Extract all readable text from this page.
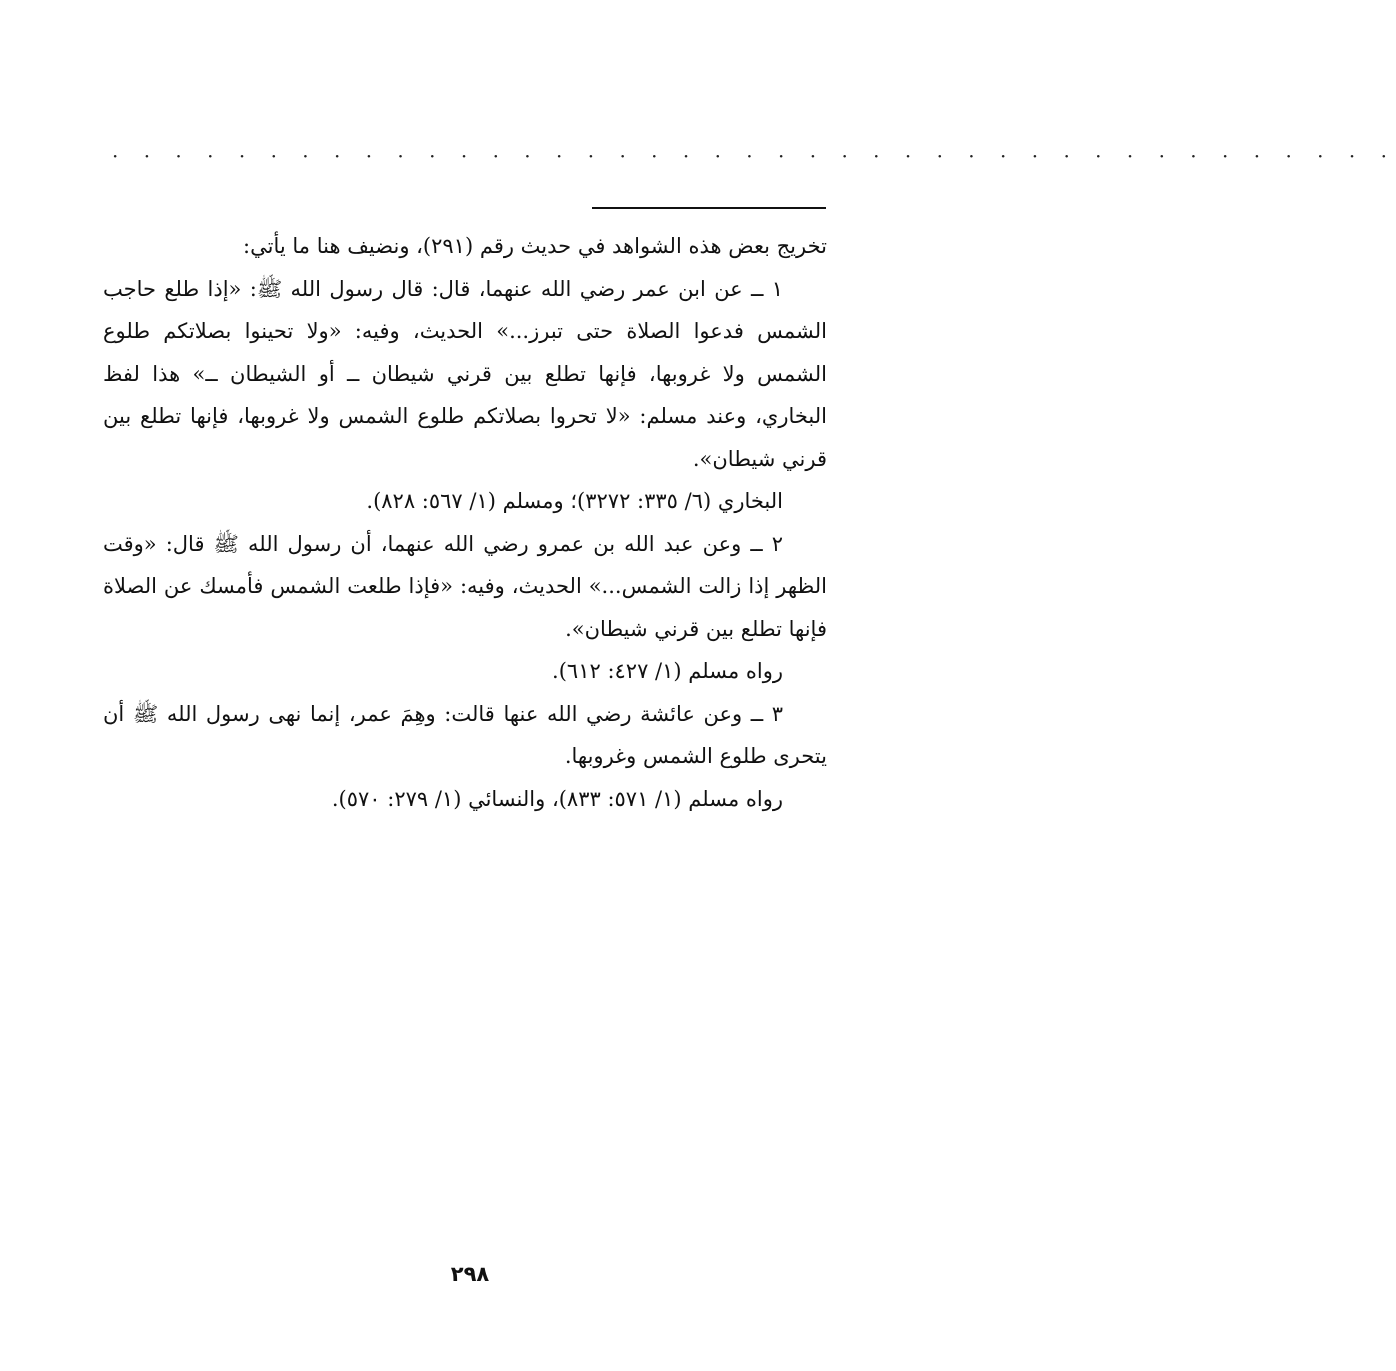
· · · · · · · · · · · · · · · · · · · · · · · · · · · · · · · · · · · · · · · · ·

تخريج بعض هذه الشواهد في حديث رقم (٢٩١)، ونضيف هنا ما يأتي:

١ ــ عن ابن عمر رضي الله عنهما، قال: قال رسول الله ﷺ: «إذا طلع حاجب الشمس فدعوا الصلاة حتى تبرز...» الحديث، وفيه: «ولا تحينوا بصلاتكم طلوع الشمس ولا غروبها، فإنها تطلع بين قرني شيطان ــ أو الشيطان ــ» هذا لفظ البخاري، وعند مسلم: «لا تحروا بصلاتكم طلوع الشمس ولا غروبها، فإنها تطلع بين قرني شيطان».

البخاري (٦/ ٣٣٥: ٣٢٧٢)؛ ومسلم (١/ ٥٦٧: ٨٢٨).

٢ ــ وعن عبد الله بن عمرو رضي الله عنهما، أن رسول الله ﷺ قال: «وقت الظهر إذا زالت الشمس...» الحديث، وفيه: «فإذا طلعت الشمس فأمسك عن الصلاة فإنها تطلع بين قرني شيطان».

رواه مسلم (١/ ٤٢٧: ٦١٢).

٣ ــ وعن عائشة رضي الله عنها قالت: وهِمَ عمر، إنما نهى رسول الله ﷺ أن يتحرى طلوع الشمس وغروبها.

رواه مسلم (١/ ٥٧١: ٨٣٣)، والنسائي (١/ ٢٧٩: ٥٧٠).

٢٩٨
